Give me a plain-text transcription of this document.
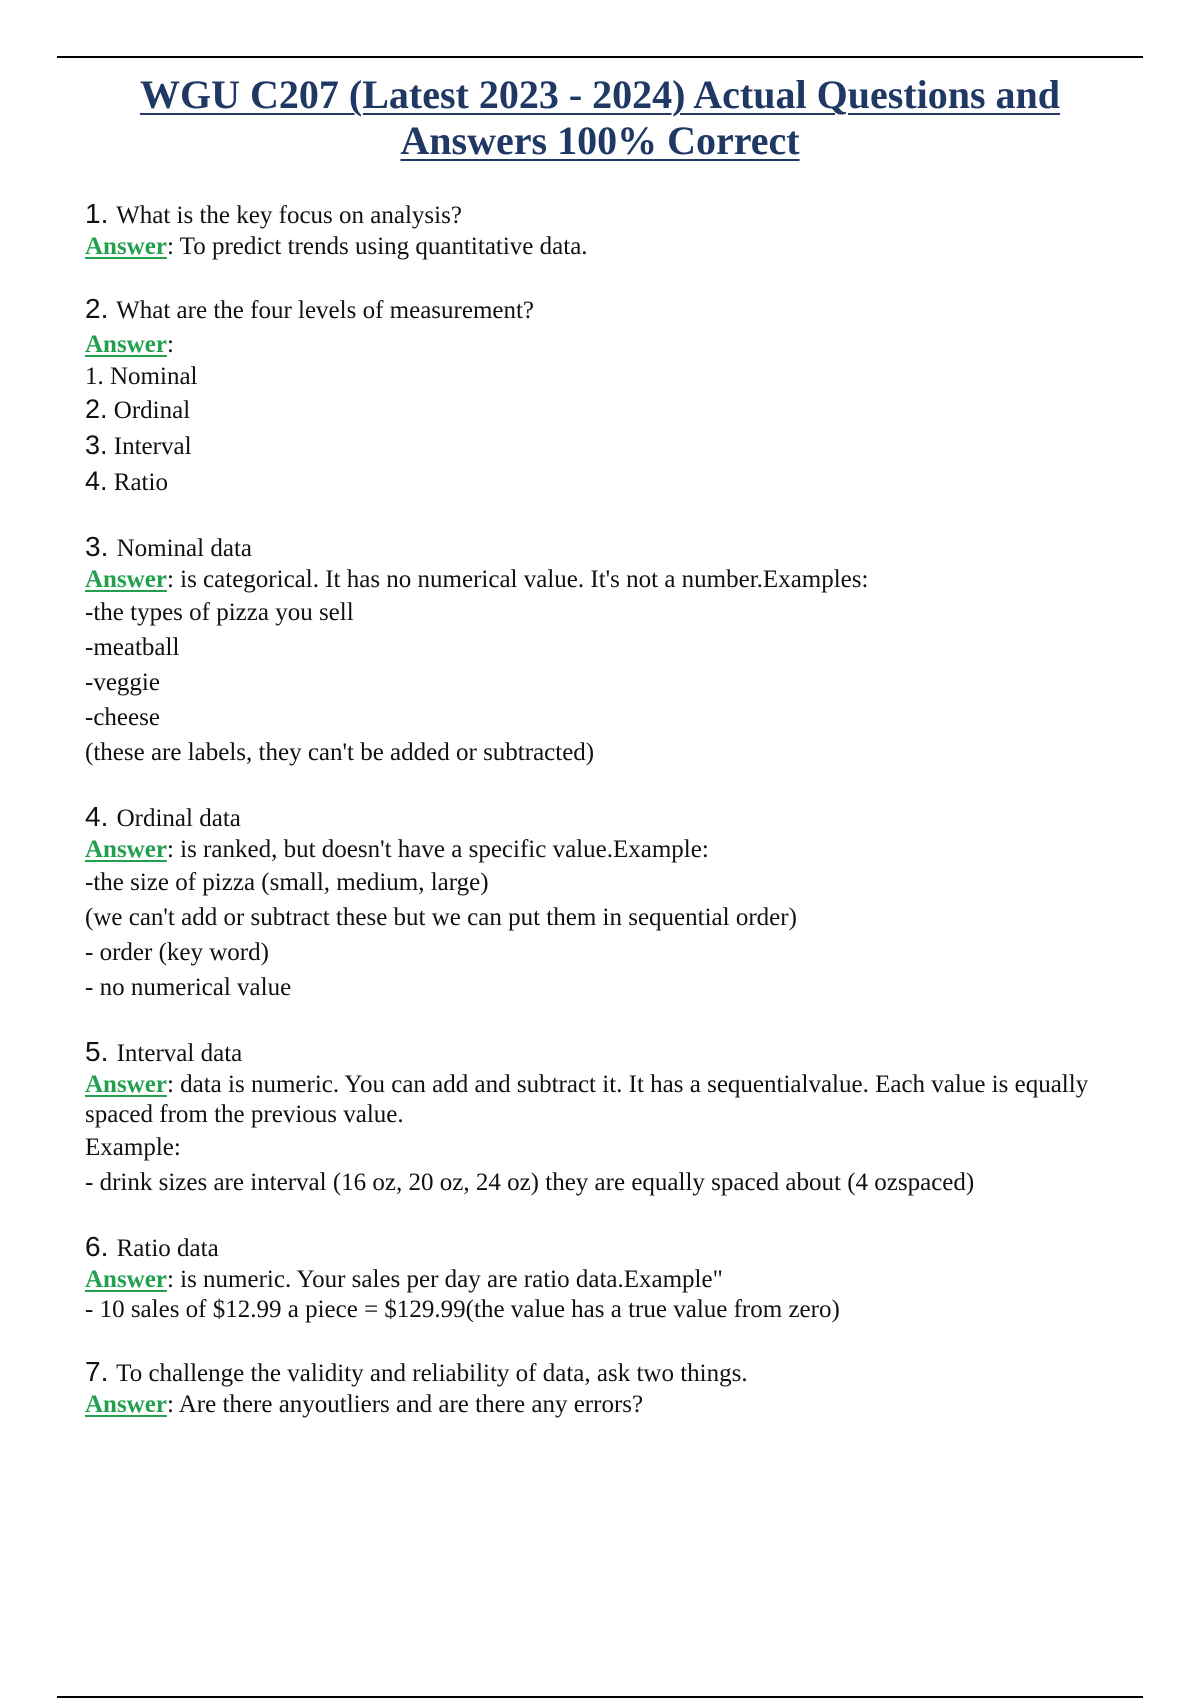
WGU C207 (Latest 2023 - 2024) Actual Questions and
Answers 100% Correct

1. What is the key focus on analysis?

Answer: To predict trends using quantitative data.

2. What are the four levels of measurement?

Answer:

1. Nominal

2. Ordinal

3. Interval

4. Ratio

3. Nominal data

Answer: is categorical. It has no numerical value. It's not a number.Examples:

-the types of pizza you sell

-meatball

-veggie

-cheese

(these are labels, they can't be added or subtracted)

4. Ordinal data

Answer: is ranked, but doesn't have a specific value.Example:

-the size of pizza (small, medium, large)

(we can't add or subtract these but we can put them in sequential order)

- order (key word)

- no numerical value

5. Interval data

Answer: data is numeric. You can add and subtract it. It has a sequentialvalue. Each value is equally spaced from the previous value.

Example:

- drink sizes are interval (16 oz, 20 oz, 24 oz) they are equally spaced about (4 ozspaced)

6. Ratio data

Answer: is numeric. Your sales per day are ratio data.Example"

- 10 sales of $12.99 a piece = $129.99(the value has a true value from zero)

7. To challenge the validity and reliability of data, ask two things.

Answer: Are there anyoutliers and are there any errors?
